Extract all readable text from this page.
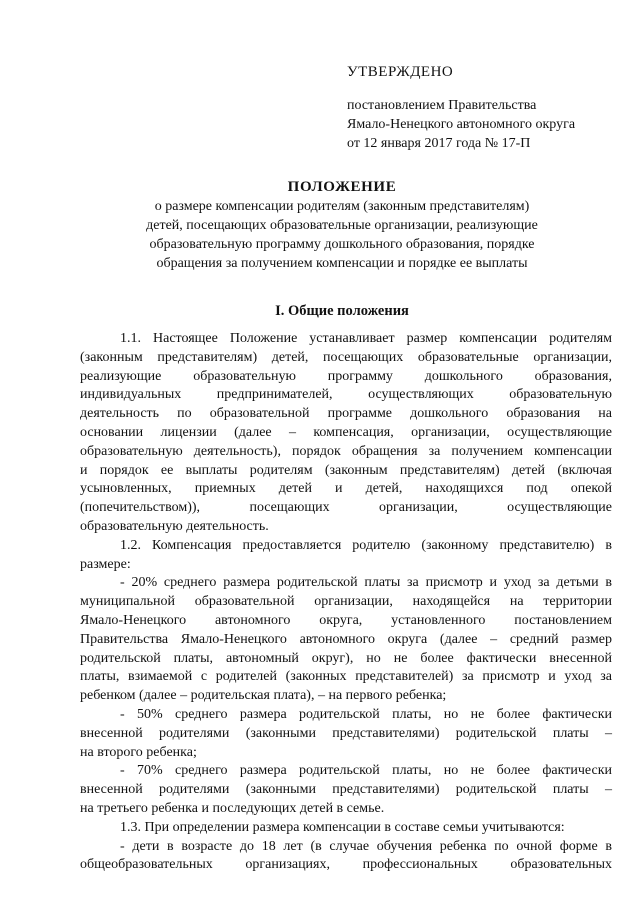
УТВЕРЖДЕНО
постановлением Правительства
Ямало-Ненецкого автономного округа
от 12 января 2017 года № 17-П
ПОЛОЖЕНИЕ
о размере компенсации родителям (законным представителям)
детей, посещающих образовательные организации, реализующие
образовательную программу дошкольного образования, порядке
обращения за получением компенсации и порядке ее выплаты
I. Общие положения
1.1. Настоящее Положение устанавливает размер компенсации родителям
(законным представителям) детей, посещающих образовательные организации,
реализующие образовательную программу дошкольного образования,
индивидуальных предпринимателей, осуществляющих образовательную
деятельность по образовательной программе дошкольного образования на
основании лицензии (далее – компенсация, организации, осуществляющие
образовательную деятельность), порядок обращения за получением компенсации
и порядок ее выплаты родителям (законным представителям) детей (включая
усыновленных, приемных детей и детей, находящихся под опекой
(попечительством)), посещающих организации, осуществляющие
образовательную деятельность.
1.2. Компенсация предоставляется родителю (законному представителю) в
размере:
- 20% среднего размера родительской платы за присмотр и уход за детьми в
муниципальной образовательной организации, находящейся на территории
Ямало-Ненецкого автономного округа, установленного постановлением
Правительства Ямало-Ненецкого автономного округа (далее – средний размер
родительской платы, автономный округ), но не более фактически внесенной
платы, взимаемой с родителей (законных представителей) за присмотр и уход за
ребенком (далее – родительская плата), – на первого ребенка;
- 50% среднего размера родительской платы, но не более фактически
внесенной родителями (законными представителями) родительской платы –
на второго ребенка;
- 70% среднего размера родительской платы, но не более фактически
внесенной родителями (законными представителями) родительской платы –
на третьего ребенка и последующих детей в семье.
1.3. При определении размера компенсации в составе семьи учитываются:
- дети в возрасте до 18 лет (в случае обучения ребенка по очной форме в
общеобразовательных организациях, профессиональных образовательных
